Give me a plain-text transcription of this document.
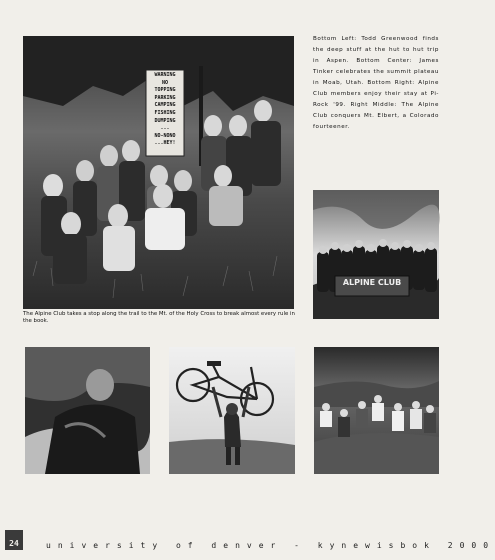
WARNING
NO
TOPPING
PARKING
CAMPING
FISHING
DUMPING
...
NO-NONO
...HEY!
The Alpine Club takes a stop along the trail to the Mt. of the Holy Cross to break almost every rule in the book.
Bottom Left: Todd Greenwood finds the deep stuff at the hut to hut trip in Aspen. Bottom Center: James Tinker celebrates the summit plateau in Moab, Utah. Bottom Right: Alpine Club members enjoy their stay at Pi-Rock '99. Right Middle: The Alpine Club conquers Mt. Elbert, a Colorado fourteener.
ALPINE CLUB
24	university of denver - kynewisbok 2000
